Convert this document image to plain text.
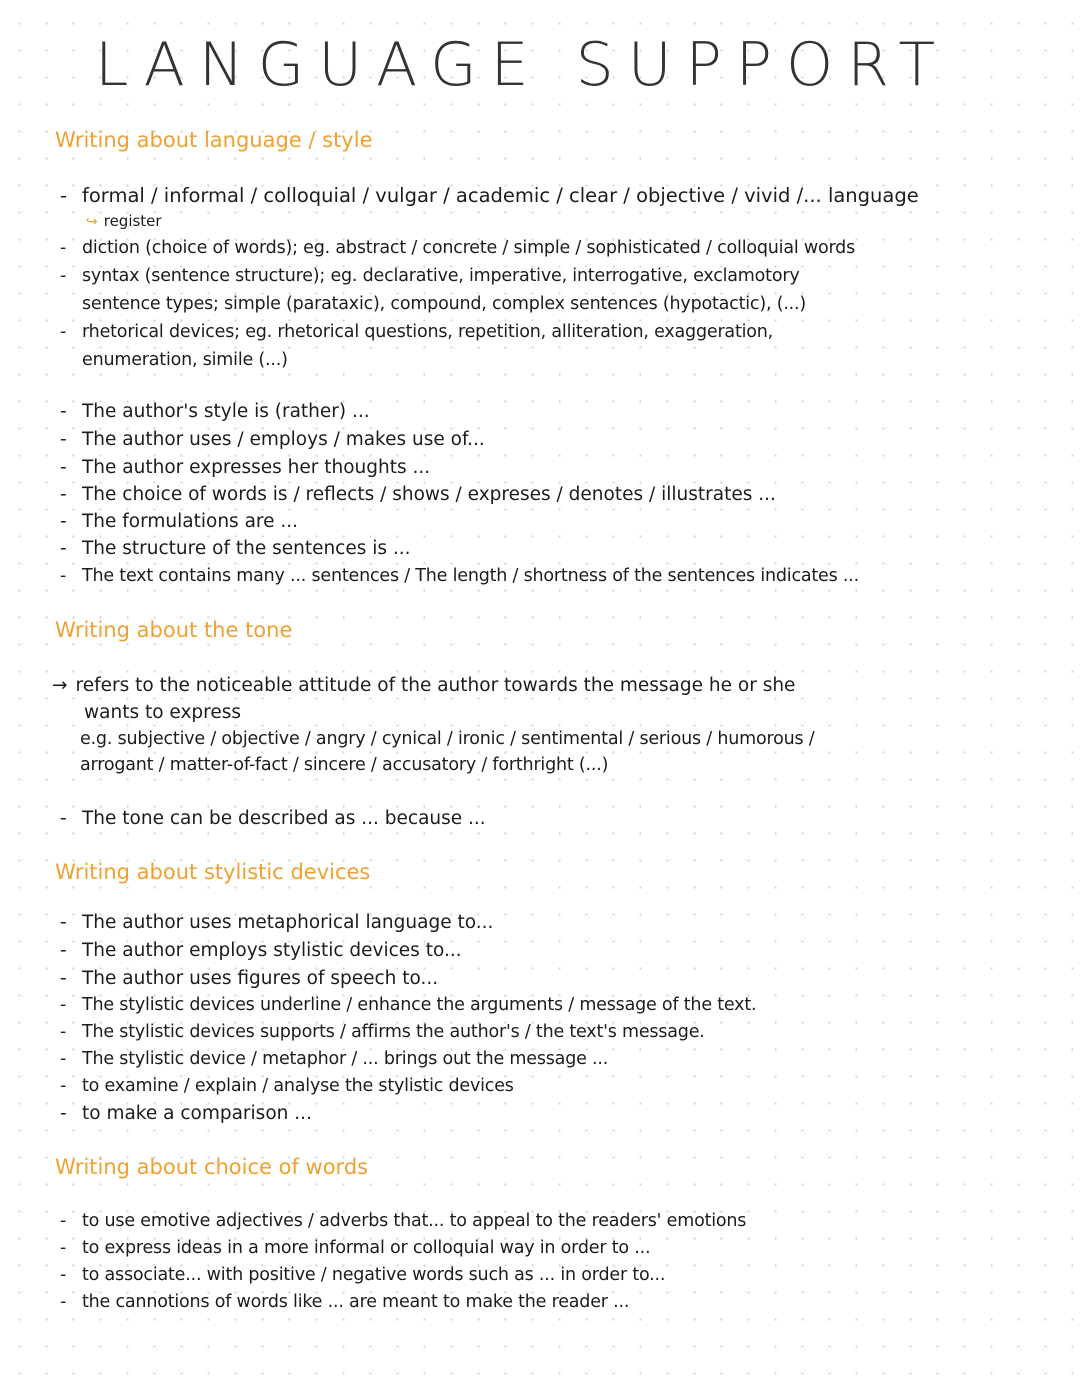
LANGUAGE SUPPORT
Writing about language / style
- formal / informal / colloquial / vulgar / academic / clear / objective / vivid /... language
↪ register
- diction (choice of words); eg. abstract / concrete / simple / sophisticated / colloquial words
- syntax (sentence structure); eg. declarative, imperative, interrogative, exclamotory
sentence types; simple (parataxic), compound, complex sentences (hypotactic), (...)
- rhetorical devices; eg. rhetorical questions, repetition, alliteration, exaggeration,
enumeration, simile (...)
- The author's style is (rather) ...
- The author uses / employs / makes use of...
- The author expresses her thoughts ...
- The choice of words is / reflects / shows / expreses / denotes / illustrates ...
- The formulations are ...
- The structure of the sentences is ...
- The text contains many ... sentences / The length / shortness of the sentences indicates ...
Writing about the tone
→ refers to the noticeable attitude of the author towards the message he or she
wants to express
e.g. subjective / objective / angry / cynical / ironic / sentimental / serious / humorous /
arrogant / matter-of-fact / sincere / accusatory / forthright (...)
- The tone can be described as ... because ...
Writing about stylistic devices
- The author uses metaphorical language to...
- The author employs stylistic devices to...
- The author uses figures of speech to...
- The stylistic devices underline / enhance the arguments / message of the text.
- The stylistic devices supports / affirms the author's / the text's message.
- The stylistic device / metaphor / ... brings out the message ...
- to examine / explain / analyse the stylistic devices
- to make a comparison ...
Writing about choice of words
- to use emotive adjectives / adverbs that... to appeal to the readers' emotions
- to express ideas in a more informal or colloquial way in order to ...
- to associate... with positive / negative words such as ... in order to...
- the cannotions of words like ... are meant to make the reader ...
